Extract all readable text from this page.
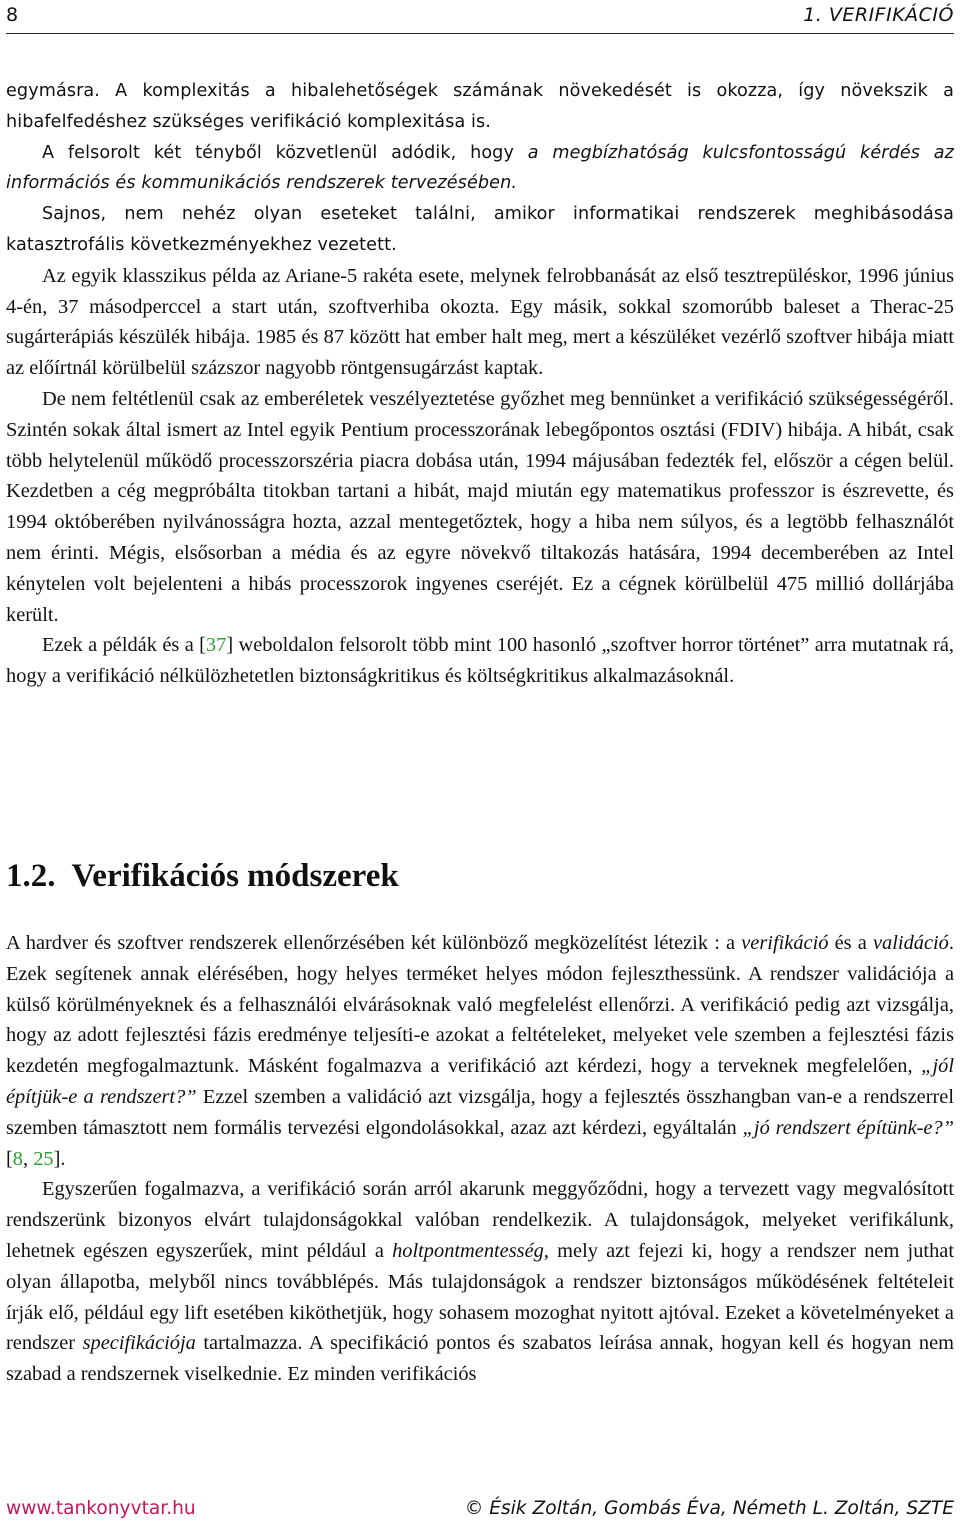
8	1. VERIFIKÁCIÓ

egymásra. A komplexitás a hibalehetőségek számának növekedését is okozza, így növekszik a hibafelfedéshez szükséges verifikáció komplexitása is.

A felsorolt két tényből közvetlenül adódik, hogy a megbízhatóság kulcsfontosságú kérdés az információs és kommunikációs rendszerek tervezésében.

Sajnos, nem nehéz olyan eseteket találni, amikor informatikai rendszerek meghibásodása katasztrofális következményekhez vezetett.

Az egyik klasszikus példa az Ariane-5 rakéta esete, melynek felrobbanását az első tesztrepüléskor, 1996 június 4-én, 37 másodperccel a start után, szoftverhiba okozta. Egy másik, sokkal szomorúbb baleset a Therac-25 sugárterápiás készülék hibája. 1985 és 87 között hat ember halt meg, mert a készüléket vezérlő szoftver hibája miatt az előírtnál körülbelül százszor nagyobb röntgensugárzást kaptak.

De nem feltétlenül csak az emberéletek veszélyeztetése győzhet meg bennünket a verifikáció szükségességéről. Szintén sokak által ismert az Intel egyik Pentium processzorának lebegőpontos osztási (FDIV) hibája. A hibát, csak több helytelenül működő processzorszéria piacra dobása után, 1994 májusában fedezték fel, először a cégen belül. Kezdetben a cég megpróbálta titokban tartani a hibát, majd miután egy matematikus professzor is észrevette, és 1994 októberében nyilvánosságra hozta, azzal mentegetőztek, hogy a hiba nem súlyos, és a legtöbb felhasználót nem érinti. Mégis, elsősorban a média és az egyre növekvő tiltakozás hatására, 1994 decemberében az Intel kénytelen volt bejelenteni a hibás processzorok ingyenes cseréjét. Ez a cégnek körülbelül 475 millió dollárjába került.

Ezek a példák és a [37] weboldalon felsorolt több mint 100 hasonló „szoftver horror történet” arra mutatnak rá, hogy a verifikáció nélkülözhetetlen biztonságkritikus és költségkritikus alkalmazásoknál.

1.2. Verifikációs módszerek

A hardver és szoftver rendszerek ellenőrzésében két különböző megközelítést létezik : a verifikáció és a validáció. Ezek segítenek annak elérésében, hogy helyes terméket helyes módon fejleszthessünk. A rendszer validációja a külső körülményeknek és a felhasználói elvárásoknak való megfelelést ellenőrzi. A verifikáció pedig azt vizsgálja, hogy az adott fejlesztési fázis eredménye teljesíti-e azokat a feltételeket, melyeket vele szemben a fejlesztési fázis kezdetén megfogalmaztunk. Másként fogalmazva a verifikáció azt kérdezi, hogy a terveknek megfelelően, „jól építjük-e a rendszert?” Ezzel szemben a validáció azt vizsgálja, hogy a fejlesztés összhangban van-e a rendszerrel szemben támasztott nem formális tervezési elgondolásokkal, azaz azt kérdezi, egyáltalán „jó rendszert építünk-e?” [8, 25].

Egyszerűen fogalmazva, a verifikáció során arról akarunk meggyőződni, hogy a tervezett vagy megvalósított rendszerünk bizonyos elvárt tulajdonságokkal valóban rendelkezik. A tulajdonságok, melyeket verifikálunk, lehetnek egészen egyszerűek, mint például a holtpontmentesség, mely azt fejezi ki, hogy a rendszer nem juthat olyan állapotba, melyből nincs továbblépés. Más tulajdonságok a rendszer biztonságos működésének feltételeit írják elő, például egy lift esetében kiköthetjük, hogy sohasem mozoghat nyitott ajtóval. Ezeket a követelményeket a rendszer specifikációja tartalmazza. A specifikáció pontos és szabatos leírása annak, hogyan kell és hogyan nem szabad a rendszernek viselkednie. Ez minden verifikációs

www.tankonyvtar.hu	© Ésik Zoltán, Gombás Éva, Németh L. Zoltán, SZTE
